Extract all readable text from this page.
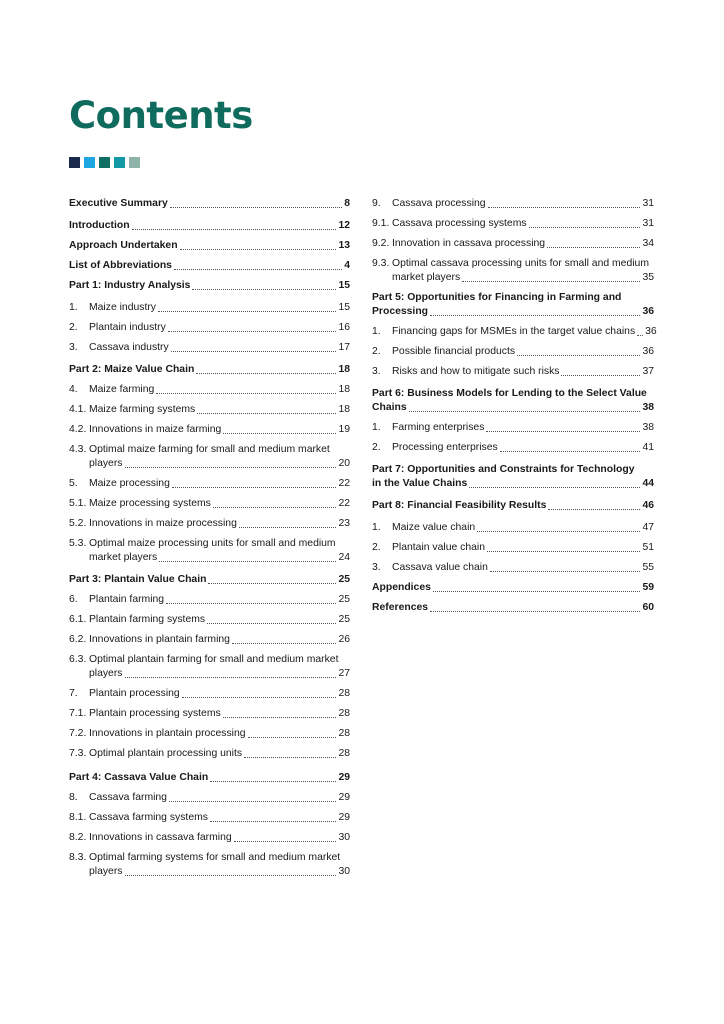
Contents
Executive Summary	8
Introduction	12
Approach Undertaken	13
List of Abbreviations	4
Part 1: Industry Analysis	15
1.	Maize industry	15
2.	Plantain industry	16
3.	Cassava industry	17
Part 2: Maize Value Chain	18
4.	Maize farming	18
4.1. Maize farming systems	18
4.2. Innovations in maize farming	19
4.3. Optimal maize farming for small and medium market
players	20
5.	Maize processing	22
5.1. Maize processing systems	22
5.2. Innovations in maize processing	23
5.3. Optimal maize processing units for small and medium
market players	24
Part 3: Plantain Value Chain	25
6.	Plantain farming	25
6.1. Plantain farming systems	25
6.2. Innovations in plantain farming	26
6.3. Optimal plantain farming for small and medium market
players	27
7.	Plantain processing	28
7.1. Plantain processing systems	28
7.2. Innovations in plantain processing	28
7.3. Optimal plantain processing units	28
Part 4: Cassava Value Chain	29
8.	Cassava farming	29
8.1. Cassava farming systems	29
8.2. Innovations in cassava farming	30
8.3. Optimal farming systems for small and medium market
players	30
9.	Cassava processing	31
9.1. Cassava processing systems	31
9.2. Innovation in cassava processing	34
9.3. Optimal cassava processing units for small and medium
market players	35
Part 5: Opportunities for Financing in Farming and
Processing	36
1.	Financing gaps for MSMEs in the target value chains 36
2.	Possible financial products	36
3.	Risks and how to mitigate such risks	37
Part 6: Business Models for Lending to the Select Value
Chains	38
1.	Farming enterprises	38
2.	Processing enterprises	41
Part 7: Opportunities and Constraints for Technology
in the Value Chains	44
Part 8: Financial Feasibility Results	46
1.	Maize value chain	47
2.	Plantain value chain	51
3.	Cassava value chain	55
Appendices	59
References	60
